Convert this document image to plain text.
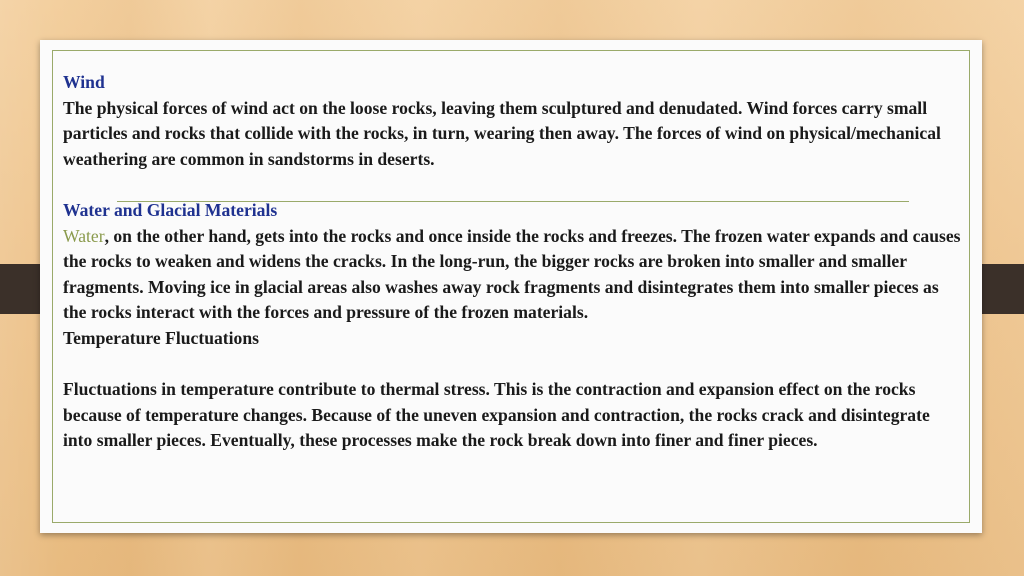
Wind

The physical forces of wind act on the loose rocks, leaving them sculptured and denudated. Wind forces carry small particles and rocks that collide with the rocks, in turn, wearing then away. The forces of wind on physical/mechanical weathering are common in sandstorms in deserts.

Water and Glacial Materials

Water, on the other hand, gets into the rocks and once inside the rocks and freezes. The frozen water expands and causes the rocks to weaken and widens the cracks. In the long-run, the bigger rocks are broken into smaller and smaller fragments. Moving ice in glacial areas also washes away rock fragments and disintegrates them into smaller pieces as the rocks interact with the forces and pressure of the frozen materials.

Temperature Fluctuations

Fluctuations in temperature contribute to thermal stress. This is the contraction and expansion effect on the rocks because of temperature changes. Because of the uneven expansion and contraction, the rocks crack and disintegrate into smaller pieces. Eventually, these processes make the rock break down into finer and finer pieces.
